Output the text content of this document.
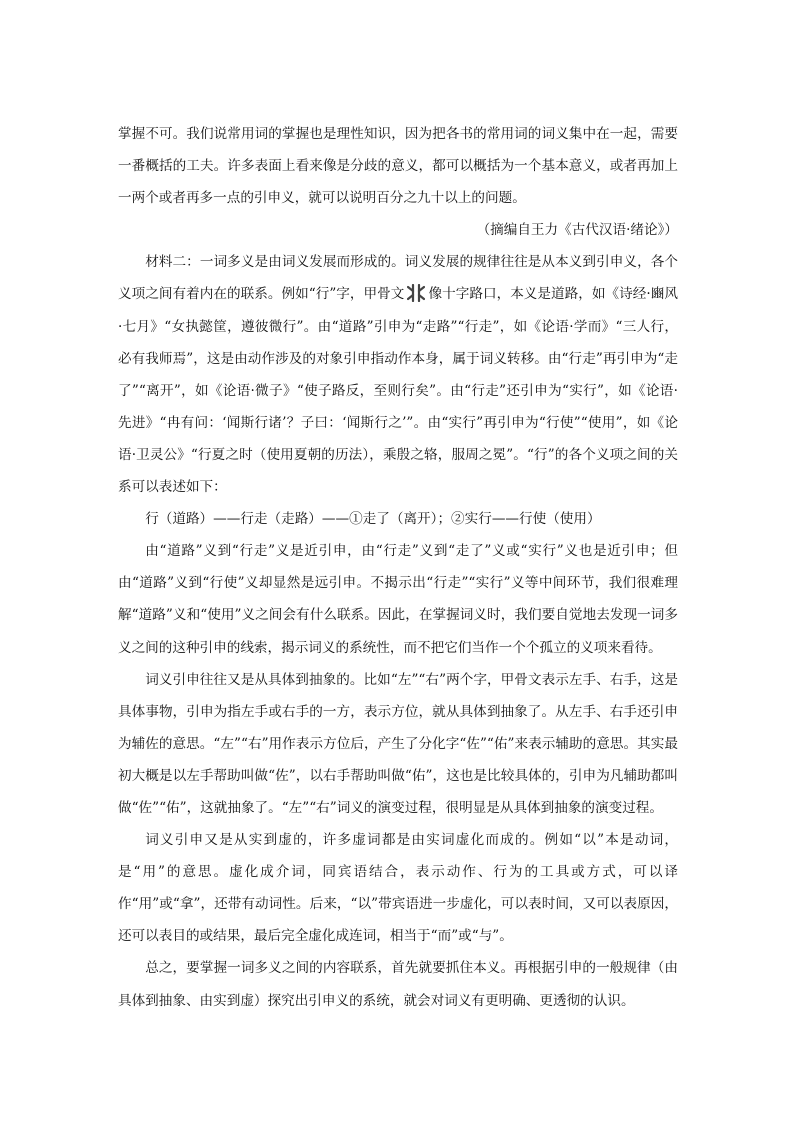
掌握不可。我们说常用词的掌握也是理性知识，因为把各书的常用词的词义集中在一起，需要一番概括的工夫。许多表面上看来像是分歧的意义，都可以概括为一个基本意义，或者再加上一两个或者再多一点的引申义，就可以说明百分之九十以上的问题。

（摘编自王力《古代汉语·绪论》）

材料二：一词多义是由词义发展而形成的。词义发展的规律往往是从本义到引申义，各个义项之间有着内在的联系。例如“行”字，甲骨文 像十字路口，本义是道路，如《诗经·豳风·七月》“女执懿筐，遵彼微行”。由“道路”引申为“走路”“行走”，如《论语·学而》“三人行，必有我师焉”，这是由动作涉及的对象引申指动作本身，属于词义转移。由“行走”再引申为“走了”“离开”，如《论语·微子》“使子路反，至则行矣”。由“行走”还引申为“实行”，如《论语·先进》“冉有问：‘闻斯行诸’？子曰：‘闻斯行之’”。由“实行”再引申为“行使”“使用”，如《论语·卫灵公》“行夏之时（使用夏朝的历法），乘殷之辂，服周之冕”。“行”的各个义项之间的关系可以表述如下：

行（道路）——行走（走路）——①走了（离开）；②实行——行使（使用）

由“道路”义到“行走”义是近引申，由“行走”义到“走了”义或“实行”义也是近引申；但由“道路”义到“行使”义却显然是远引申。不揭示出“行走”“实行”义等中间环节，我们很难理解“道路”义和“使用”义之间会有什么联系。因此，在掌握词义时，我们要自觉地去发现一词多义之间的这种引申的线索，揭示词义的系统性，而不把它们当作一个个孤立的义项来看待。

词义引申往往又是从具体到抽象的。比如“左”“右”两个字，甲骨文表示左手、右手，这是具体事物，引申为指左手或右手的一方，表示方位，就从具体到抽象了。从左手、右手还引申为辅佐的意思。“左”“右”用作表示方位后，产生了分化字“佐”“佑”来表示辅助的意思。其实最初大概是以左手帮助叫做“佐”，以右手帮助叫做“佑”，这也是比较具体的，引申为凡辅助都叫做“佐”“佑”，这就抽象了。“左”“右”词义的演变过程，很明显是从具体到抽象的演变过程。

词义引申又是从实到虚的，许多虚词都是由实词虚化而成的。例如“以”本是动词，是“用”的意思。虚化成介词，同宾语结合，表示动作、行为的工具或方式，可以译作“用”或“拿”，还带有动词性。后来，“以”带宾语进一步虚化，可以表时间，又可以表原因，还可以表目的或结果，最后完全虚化成连词，相当于“而”或“与”。

总之，要掌握一词多义之间的内容联系，首先就要抓住本义。再根据引申的一般规律（由具体到抽象、由实到虚）探究出引申义的系统，就会对词义有更明确、更透彻的认识。
